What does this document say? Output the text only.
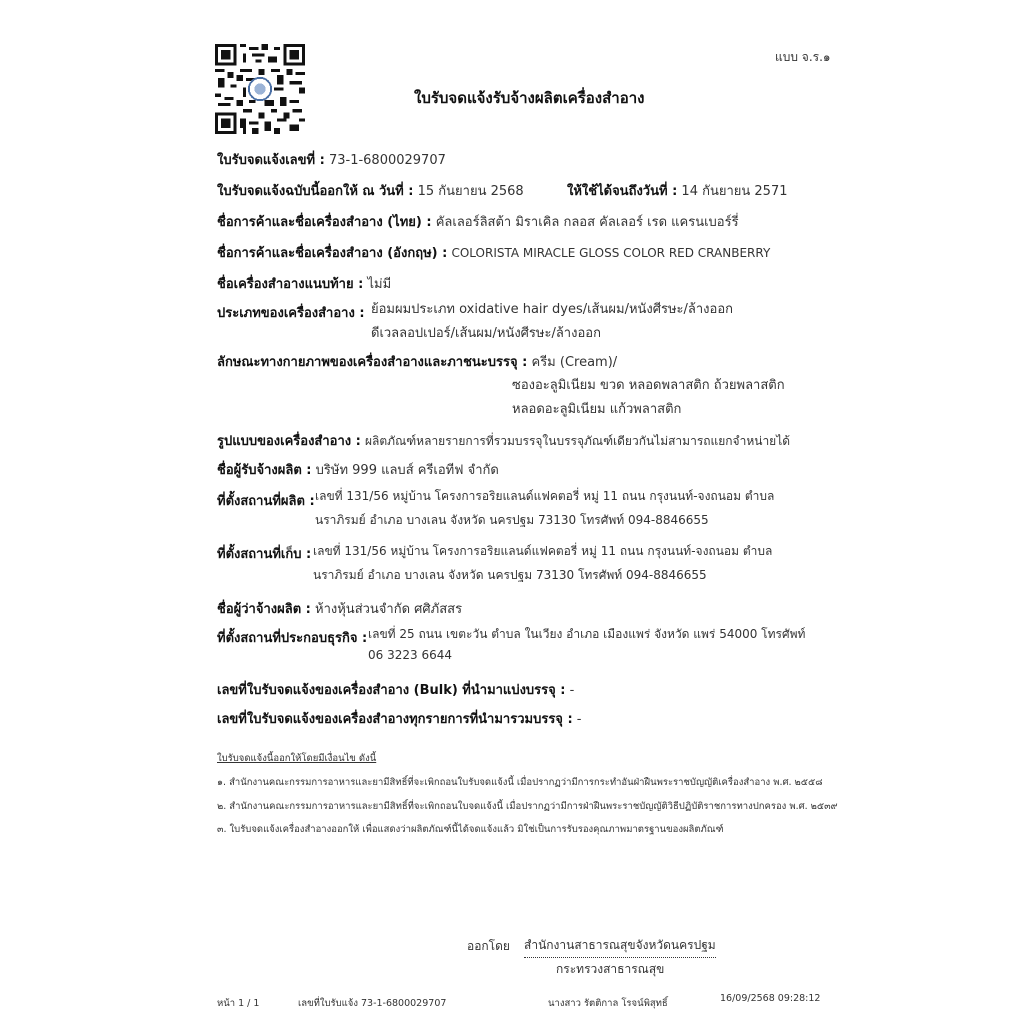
แบบ จ.ร.๑
ใบรับจดแจ้งรับจ้างผลิตเครื่องสำอาง
ใบรับจดแจ้งเลขที่ : 73-1-6800029707
ใบรับจดแจ้งฉบับนี้ออกให้ ณ วันที่ : 15 กันยายน 2568	ให้ใช้ได้จนถึงวันที่ : 14 กันยายน 2571
ชื่อการค้าและชื่อเครื่องสำอาง (ไทย) : คัลเลอร์ลิสต้า มิราเคิล กลอส คัลเลอร์ เรด แครนเบอร์รี่
ชื่อการค้าและชื่อเครื่องสำอาง (อังกฤษ) : COLORISTA MIRACLE GLOSS COLOR RED CRANBERRY
ชื่อเครื่องสำอางแนบท้าย : ไม่มี
ประเภทของเครื่องสำอาง : ย้อมผมประเภท oxidative hair dyes/เส้นผม/หนังศีรษะ/ล้างออก
ดีเวลลอปเปอร์/เส้นผม/หนังศีรษะ/ล้างออก
ลักษณะทางกายภาพของเครื่องสำอางและภาชนะบรรจุ : ครีม (Cream)/
ซองอะลูมิเนียม ขวด หลอดพลาสติก ถ้วยพลาสติก
หลอดอะลูมิเนียม แก้วพลาสติก
รูปแบบของเครื่องสำอาง : ผลิตภัณฑ์หลายรายการที่รวมบรรจุในบรรจุภัณฑ์เดียวกันไม่สามารถแยกจำหน่ายได้
ชื่อผู้รับจ้างผลิต : บริษัท 999 แลบส์ ครีเอทีฟ จำกัด
ที่ตั้งสถานที่ผลิต : เลขที่ 131/56 หมู่บ้าน โครงการอริยแลนด์แฟคตอรี่ หมู่ 11 ถนน กรุงนนท์-จงถนอม ตำบล
นราภิรมย์ อำเภอ บางเลน จังหวัด นครปฐม 73130 โทรศัพท์ 094-8846655
ที่ตั้งสถานที่เก็บ : เลขที่ 131/56 หมู่บ้าน โครงการอริยแลนด์แฟคตอรี่ หมู่ 11 ถนน กรุงนนท์-จงถนอม ตำบล
นราภิรมย์ อำเภอ บางเลน จังหวัด นครปฐม 73130 โทรศัพท์ 094-8846655
ชื่อผู้ว่าจ้างผลิต : ห้างหุ้นส่วนจำกัด ศศิภัสสร
ที่ตั้งสถานที่ประกอบธุรกิจ : เลขที่ 25 ถนน เขตะวัน ตำบล ในเวียง อำเภอ เมืองแพร่ จังหวัด แพร่ 54000 โทรศัพท์
06 3223 6644
เลขที่ใบรับจดแจ้งของเครื่องสำอาง (Bulk) ที่นำมาแบ่งบรรจุ : -
เลขที่ใบรับจดแจ้งของเครื่องสำอางทุกรายการที่นำมารวมบรรจุ : -
ใบรับจดแจ้งนี้ออกให้โดยมีเงื่อนไข ดังนี้
๑. สำนักงานคณะกรรมการอาหารและยามีสิทธิ์ที่จะเพิกถอนใบรับจดแจ้งนี้ เมื่อปรากฏว่ามีการกระทำอันฝ่าฝืนพระราชบัญญัติเครื่องสำอาง พ.ศ. ๒๕๕๘
๒. สำนักงานคณะกรรมการอาหารและยามีสิทธิ์ที่จะเพิกถอนใบจดแจ้งนี้ เมื่อปรากฏว่ามีการฝ่าฝืนพระราชบัญญัติวิธีปฏิบัติราชการทางปกครอง พ.ศ. ๒๕๓๙
๓. ใบรับจดแจ้งเครื่องสำอางออกให้ เพื่อแสดงว่าผลิตภัณฑ์นี้ได้จดแจ้งแล้ว มิใช่เป็นการรับรองคุณภาพมาตรฐานของผลิตภัณฑ์
ออกโดย สำนักงานสาธารณสุขจังหวัดนครปฐม
กระทรวงสาธารณสุข
หน้า 1 / 1	เลขที่ใบรับแจ้ง 73-1-6800029707	นางสาว รัตติกาล โรจน์พิสุทธิ์	16/09/2568 09:28:12
